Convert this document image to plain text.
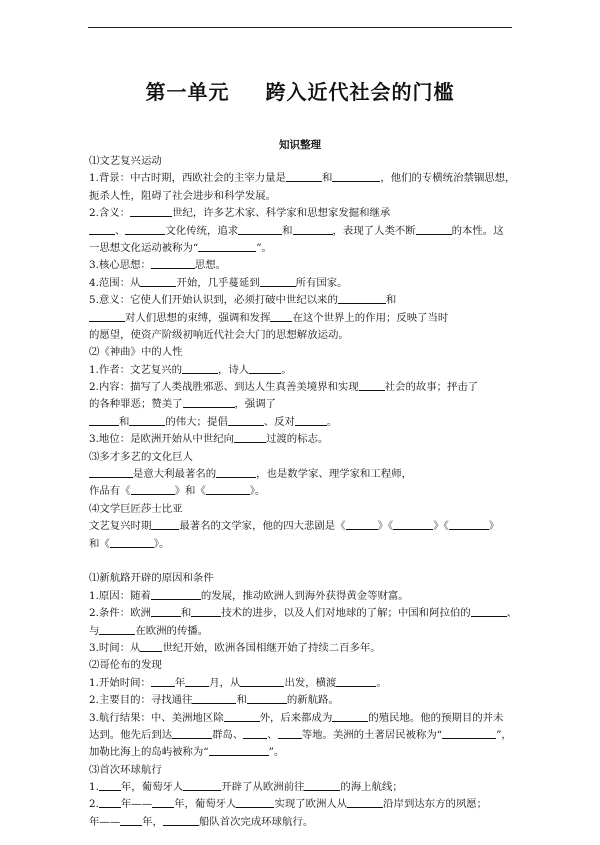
第一单元 跨入近代社会的门槛
知识整理
⑴文艺复兴运动
1.背景：中古时期，西欧社会的主宰力量是	和	，他们的专横统治禁锢思想，
扼杀人性，阻碍了社会进步和科学发展。
2.含义：	世纪，许多艺术家、科学家和思想家发掘和继承
、	文化传统，追求	和	，表现了人类不断	的本性。这
一思想文化运动被称为“	”。
3.核心思想：	思想。
4.范围：从	开始，几乎蔓延到	所有国家。
5.意义：它使人们开始认识到，必须打破中世纪以来的	和
对人们思想的束缚，强调和发挥 在这个世界上的作用；反映了当时
的愿望，使资产阶级初响近代社会大门的思想解放运动。
⑵《神曲》中的人性
1.作者：文艺复兴的	，诗人	。
2.内容：描写了人类战胜邪恶、到达人生真善美境界和实现	社会的故事；抨击了
的各种罪恶；赞美了	，强调了
和	的伟大；提倡	、反对	。
3.地位：是欧洲开始从中世纪向	过渡的标志。
⑶多才多艺的文化巨人
是意大利最著名的	，也是数学家、理学家和工程师，
作品有《	》和《	》。
⑷文学巨匠莎士比亚
文艺复兴时期	最著名的文学家，他的四大悲剧是《	》《	》《	》
和《	》。
⑴新航路开辟的原因和条件
1.原因：随着	的发展，推动欧洲人到海外获得黄金等财富。
2.条件：欧洲	和	技术的进步，以及人们对地球的了解；中国和阿拉伯的	、
与	在欧洲的传播。
3.时间：从 世纪开始，欧洲各国相继开始了持续二百多年。
⑵哥伦布的发现
1.开始时间： 年 月，从	出发，横渡	。
2.主要目的：寻找通往	和	的新航路。
3.航行结果：中、美洲地区除	外，后来都成为	的殖民地。他的预期目的并未
达到。他先后到达	群岛、 、 等地。美洲的土著居民被称为“	”，
加勒比海上的岛屿被称为“	”。
⑶首次环球航行
1. 年，葡萄牙人	开辟了从欧洲前往	的海上航线；
2. 年—— 年，葡萄牙人	实现了欧洲人从	沿岸到达东方的夙愿；
年—— 年，	船队首次完成环球航行。
